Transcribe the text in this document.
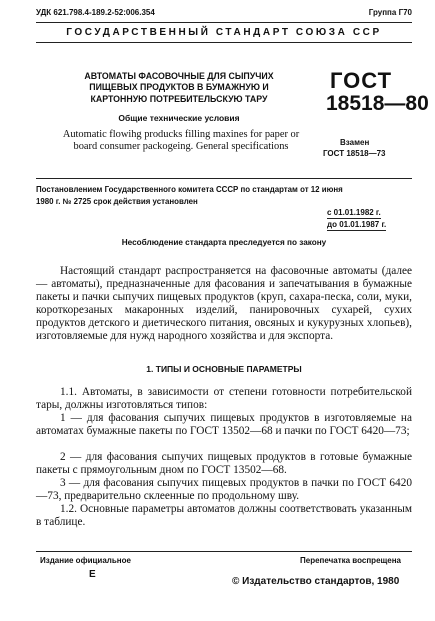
УДК 621.798.4-189.2-52:006.354	Группа Г70
ГОСУДАРСТВЕННЫЙ СТАНДАРТ СОЮЗА ССР
АВТОМАТЫ ФАСОВОЧНЫЕ ДЛЯ СЫПУЧИХ
ПИЩЕВЫХ ПРОДУКТОВ В БУМАЖНУЮ И
КАРТОННУЮ ПОТРЕБИТЕЛЬСКУЮ ТАРУ
Общие технические условия
Automatic flowihg producks filling maxines for paper or
board consumer packogeing. General specifications
ГОСТ
18518—80
Взамен
ГОСТ 18518—73
Постановлением Государственного комитета СССР по стандартам от 12 июня
1980 г. № 2725 срок действия установлен
с 01.01.1982 г.
до 01.01.1987 г.
Несоблюдение стандарта преследуется по закону

Настоящий стандарт распространяется на фасовочные автоматы (далее — автоматы), предназначенные для фасования и запечатывания в бумажные пакеты и пачки сыпучих пищевых продуктов (круп, сахара-песка, соли, муки, короткорезаных макаронных изделий, панировочных сухарей, сухих продуктов детского и диетического питания, овсяных и кукурузных хлопьев), изготовляемые для нужд народного хозяйства и для экспорта.

1. ТИПЫ И ОСНОВНЫЕ ПАРАМЕТРЫ

1.1. Автоматы, в зависимости от степени готовности потребительской тары, должны изготовляться типов:

1 — для фасования сыпучих пищевых продуктов в изготовляемые на автоматах бумажные пакеты по ГОСТ 13502—68 и пачки по ГОСТ 6420—73;

2 — для фасования сыпучих пищевых продуктов в готовые бумажные пакеты с прямоугольным дном по ГОСТ 13502—68.

3 — для фасования сыпучих пищевых продуктов в пачки по ГОСТ 6420—73, предварительно склеенные по продольному шву.

1.2. Основные параметры автоматов должны соответствовать указанным в таблице.

Издание официальное
Е
Перепечатка воспрещена
© Издательство стандартов, 1980
